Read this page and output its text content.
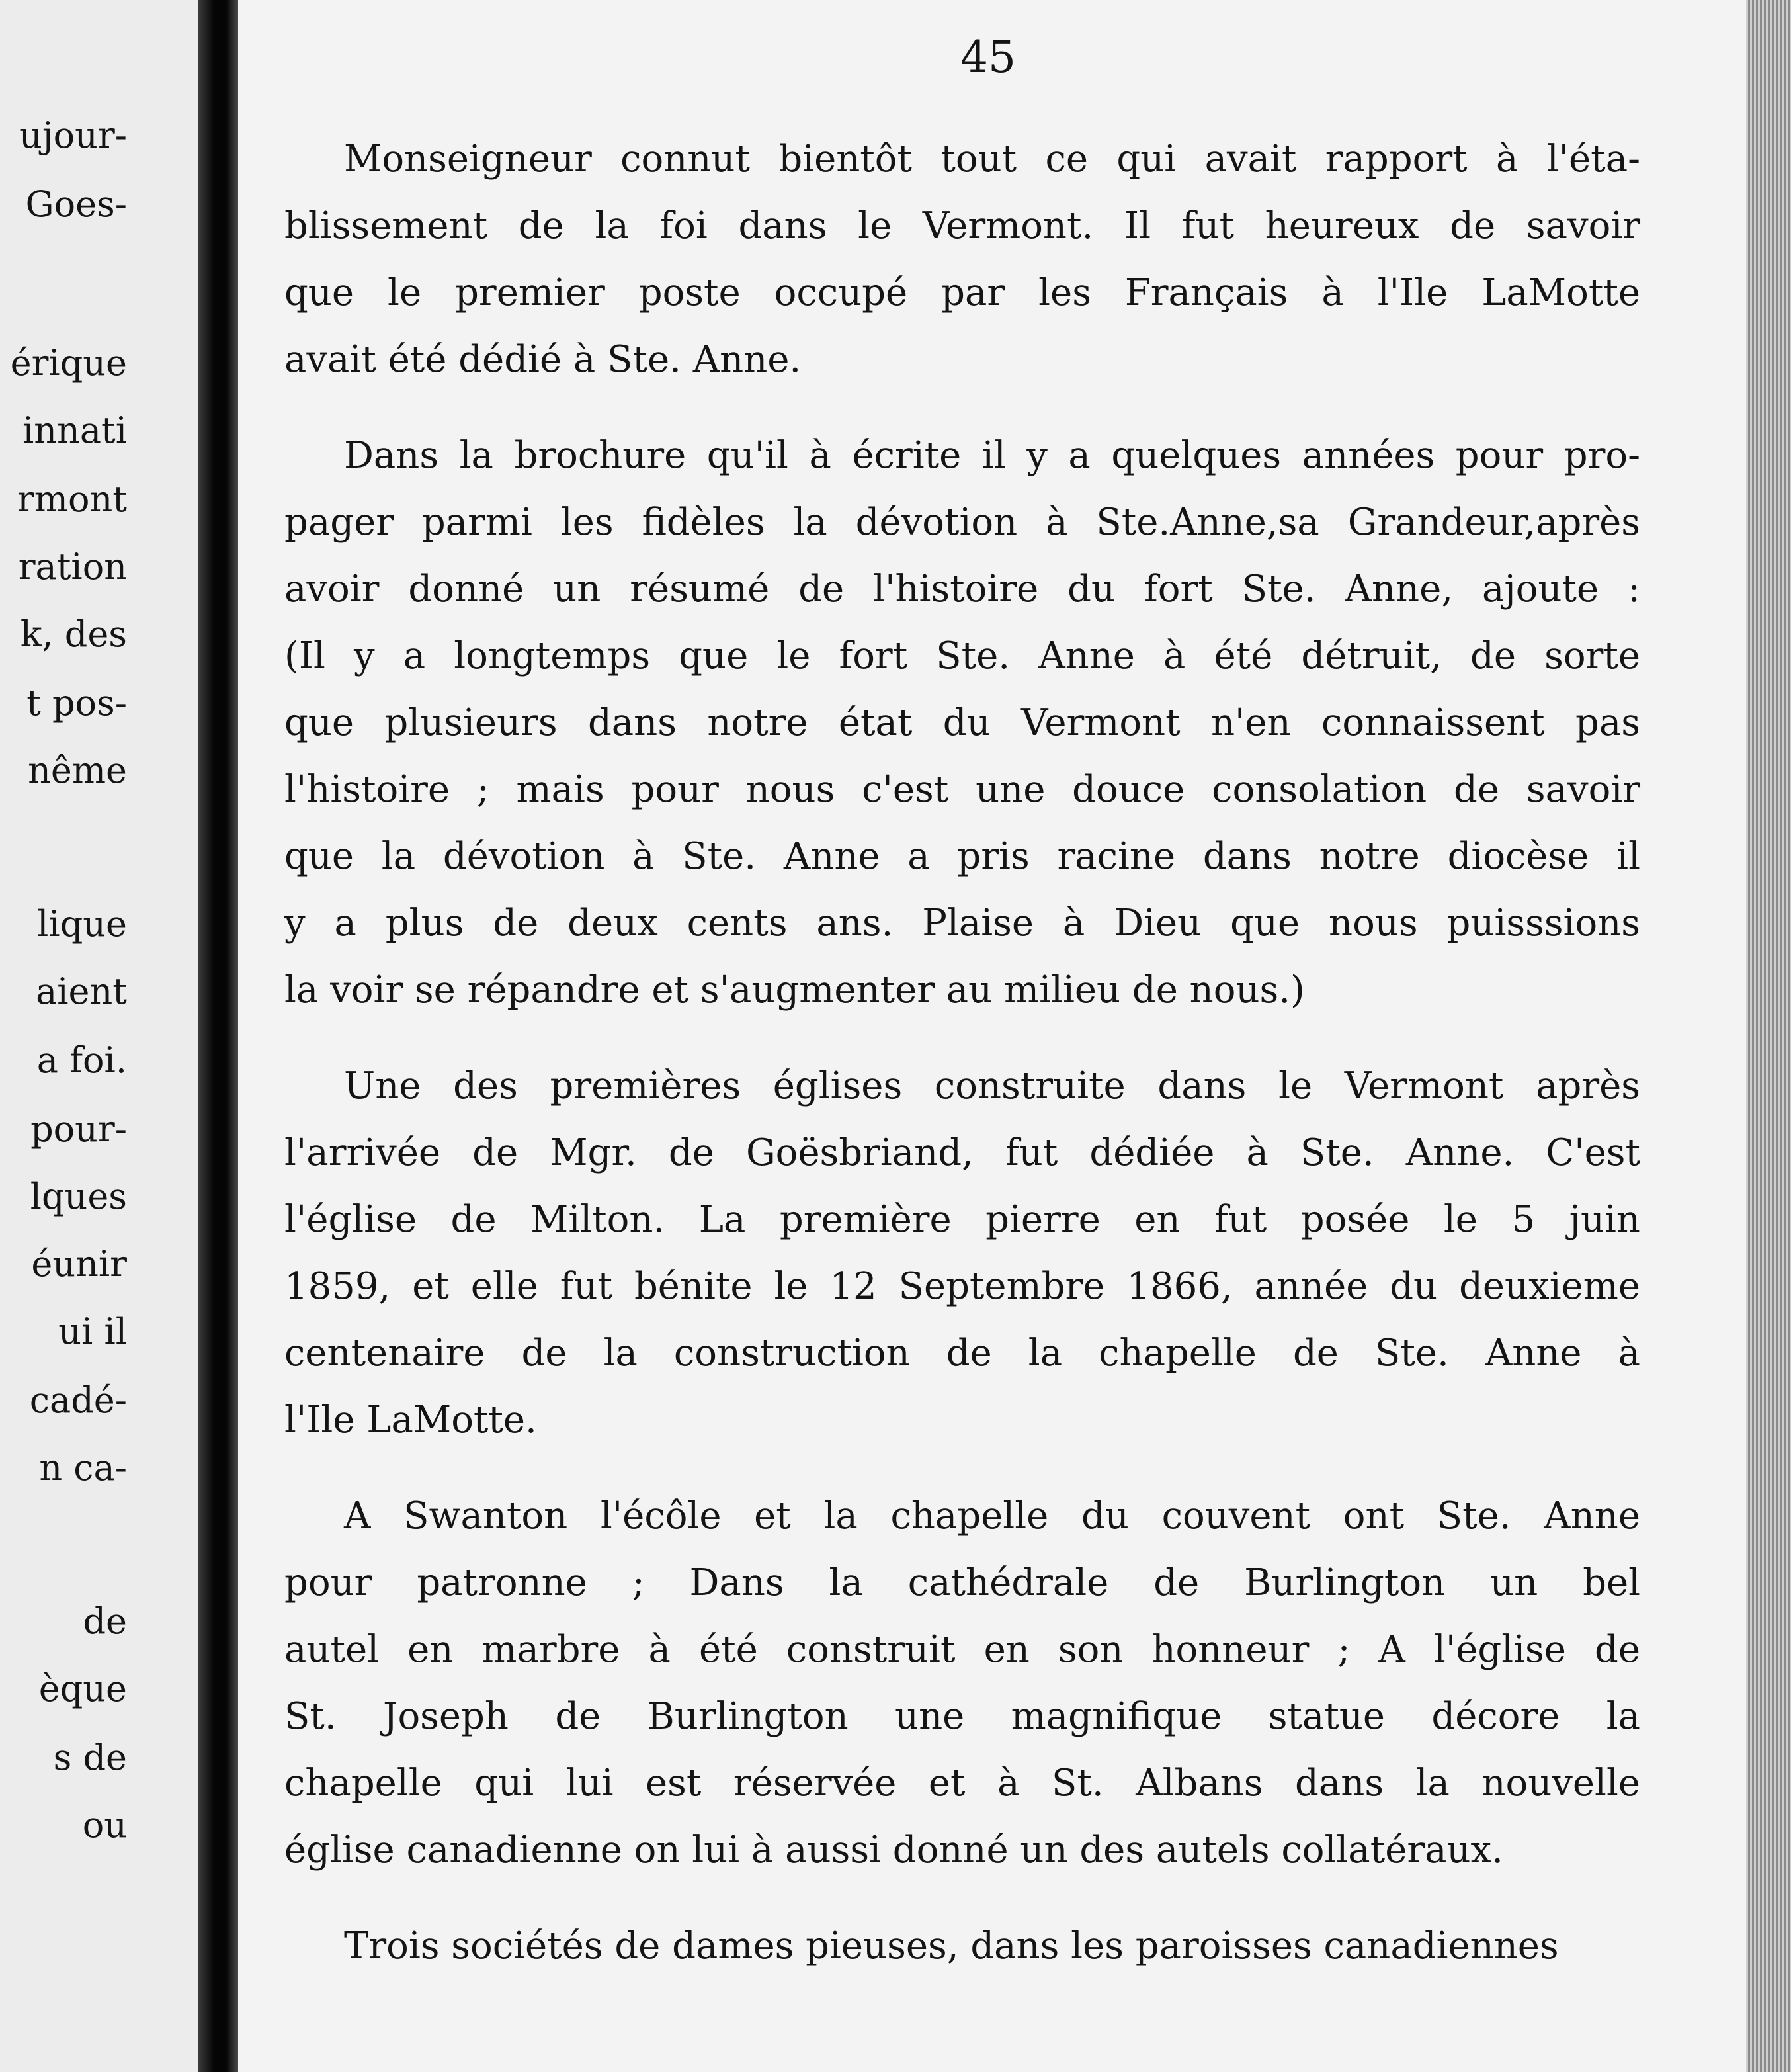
ujour-
Goes-
érique
innati
rmont
ration
k, des
t pos-
nême
lique
aient
a foi.
pour-
lques
éunir
ui il
cadé-
n ca-
de
èque
s de
ou
45
Monseigneur connut bientôt tout ce qui avait rapport à l'éta-
blissement de la foi dans le Vermont. Il fut heureux de savoir
que le premier poste occupé par les Français à l'Ile LaMotte
avait été dédié à Ste. Anne.
Dans la brochure qu'il à écrite il y a quelques années pour pro-
pager parmi les fidèles la dévotion à Ste.Anne,sa Grandeur,après
avoir donné un résumé de l'histoire du fort Ste. Anne, ajoute :
(Il y a longtemps que le fort Ste. Anne à été détruit, de sorte
que plusieurs dans notre état du Vermont n'en connaissent pas
l'histoire ; mais pour nous c'est une douce consolation de savoir
que la dévotion à Ste. Anne a pris racine dans notre diocèse il
y a plus de deux cents ans. Plaise à Dieu que nous puisssions
la voir se répandre et s'augmenter au milieu de nous.)
Une des premières églises construite dans le Vermont après
l'arrivée de Mgr. de Goësbriand, fut dédiée à Ste. Anne. C'est
l'église de Milton. La première pierre en fut posée le 5 juin
1859, et elle fut bénite le 12 Septembre 1866, année du deuxieme
centenaire de la construction de la chapelle de Ste. Anne à
l'Ile LaMotte.
A Swanton l'écôle et la chapelle du couvent ont Ste. Anne
pour patronne ; Dans la cathédrale de Burlington un bel
autel en marbre à été construit en son honneur ; A l'église de
St. Joseph de Burlington une magnifique statue décore la
chapelle qui lui est réservée et à St. Albans dans la nouvelle
église canadienne on lui à aussi donné un des autels collatéraux.
Trois sociétés de dames pieuses, dans les paroisses canadiennes
